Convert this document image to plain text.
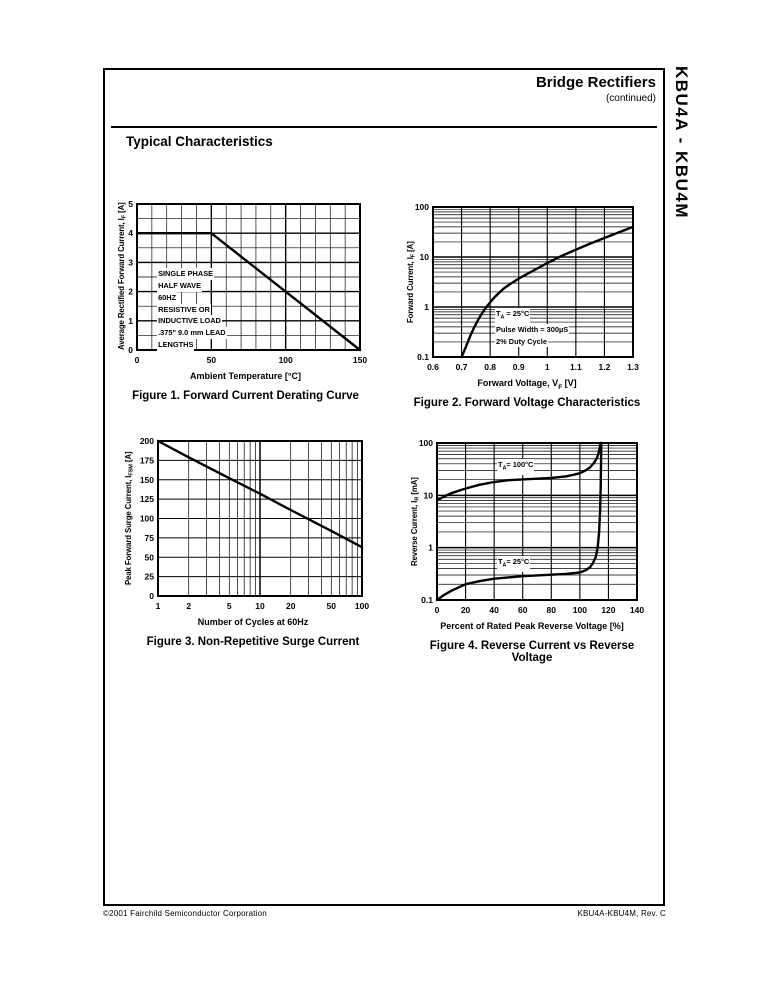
Bridge Rectifiers
(continued) KBU4A - KBU4M
Typical Characteristics
Average Rectified Forward Current, $I_F$ [A]
0	50	100	150
0
1
2
3
4
5
SINGLE PHASE
HALF WAVE
60HZ
RESISTIVE OR
INDUCTIVE LOAD
.375" 9.0 mm LEAD
LENGTHS
Ambient Temperature [°C]
Figure 1. Forward Current Derating Curve
Forward Current, $I_F$ [A]
0.6 0.7 0.8 0.9 1 1.1 1.2 1.3
0.1
1
10
100
$T_A = 25^\circ C$
Pulse Width = 300µS
2% Duty Cycle
Forward Voltage, $V_F$ [V]
Figure 2. Forward Voltage Characteristics
Peak Forward Surge Current, $I_{FSM}$ [A]
1	2	5	10 20	50 100
0
25
50
75
100
125
150
175
200
Number of Cycles at 60Hz
Figure 3. Non-Repetitive Surge Current
Reverse Current, $I_R$ [mA]
0	20 40 60 80 100 120 140
0.1
1
10
100
$T_A= 100^\circ C$
$T_A= 25^\circ C$
Percent of Rated Peak Reverse Voltage [%]
Figure 4. Reverse Current vs Reverse Voltage
©2001 Fairchild Semiconductor Corporation	KBU4A-KBU4M, Rev. C
